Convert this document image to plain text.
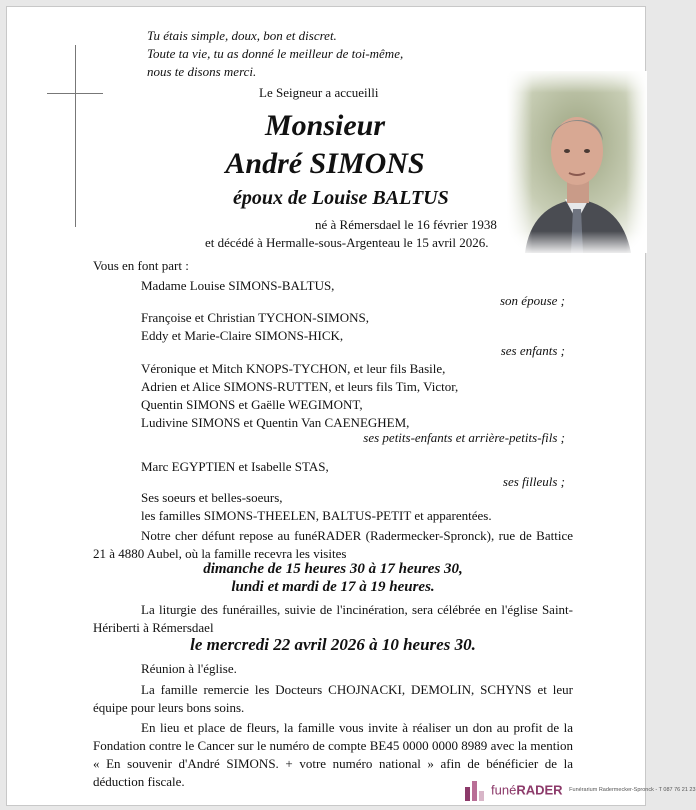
Tu étais simple, doux, bon et discret.
Toute ta vie, tu as donné le meilleur de toi-même,
nous te disons merci.
Le Seigneur a accueilli
Monsieur
André SIMONS
époux de Louise BALTUS
né à Rémersdael le 16 février 1938
et décédé à Hermalle-sous-Argenteau le 15 avril 2026.
Vous en font part :
Madame Louise SIMONS-BALTUS,
son épouse ;
Françoise et Christian TYCHON-SIMONS,
Eddy et Marie-Claire SIMONS-HICK,
ses enfants ;
Véronique et Mitch KNOPS-TYCHON, et leur fils Basile,
Adrien et Alice SIMONS-RUTTEN, et leurs fils Tim, Victor,
Quentin SIMONS et Gaëlle WEGIMONT,
Ludivine SIMONS et Quentin Van CAENEGHEM,
ses petits-enfants et arrière-petits-fils ;
Marc EGYPTIEN et Isabelle STAS,
ses filleuls ;
Ses soeurs et belles-soeurs,
les familles SIMONS-THEELEN, BALTUS-PETIT et apparentées.
Notre cher défunt repose au funéRADER (Radermecker-Spronck), rue de Battice 21 à 4880 Aubel, où la famille recevra les visites
dimanche de 15 heures 30 à 17 heures 30,
lundi et mardi de 17 à 19 heures.
La liturgie des funérailles, suivie de l'incinération, sera célébrée en l'église Saint-Hériberti à Rémersdael
le mercredi 22 avril 2026 à 10 heures 30.
Réunion à l'église.
La famille remercie les Docteurs CHOJNACKI, DEMOLIN, SCHYNS et leur équipe pour leurs bons soins.
En lieu et place de fleurs, la famille vous invite à réaliser un don au profit de la Fondation contre le Cancer sur le numéro de compte BE45 0000 0000 8989 avec la mention « En souvenir d'André SIMONS. + votre numéro national » afin de bénéficier de la déduction fiscale.
funéRADER Funérarium Radermecker-Spronck - T 087 76 21 23
